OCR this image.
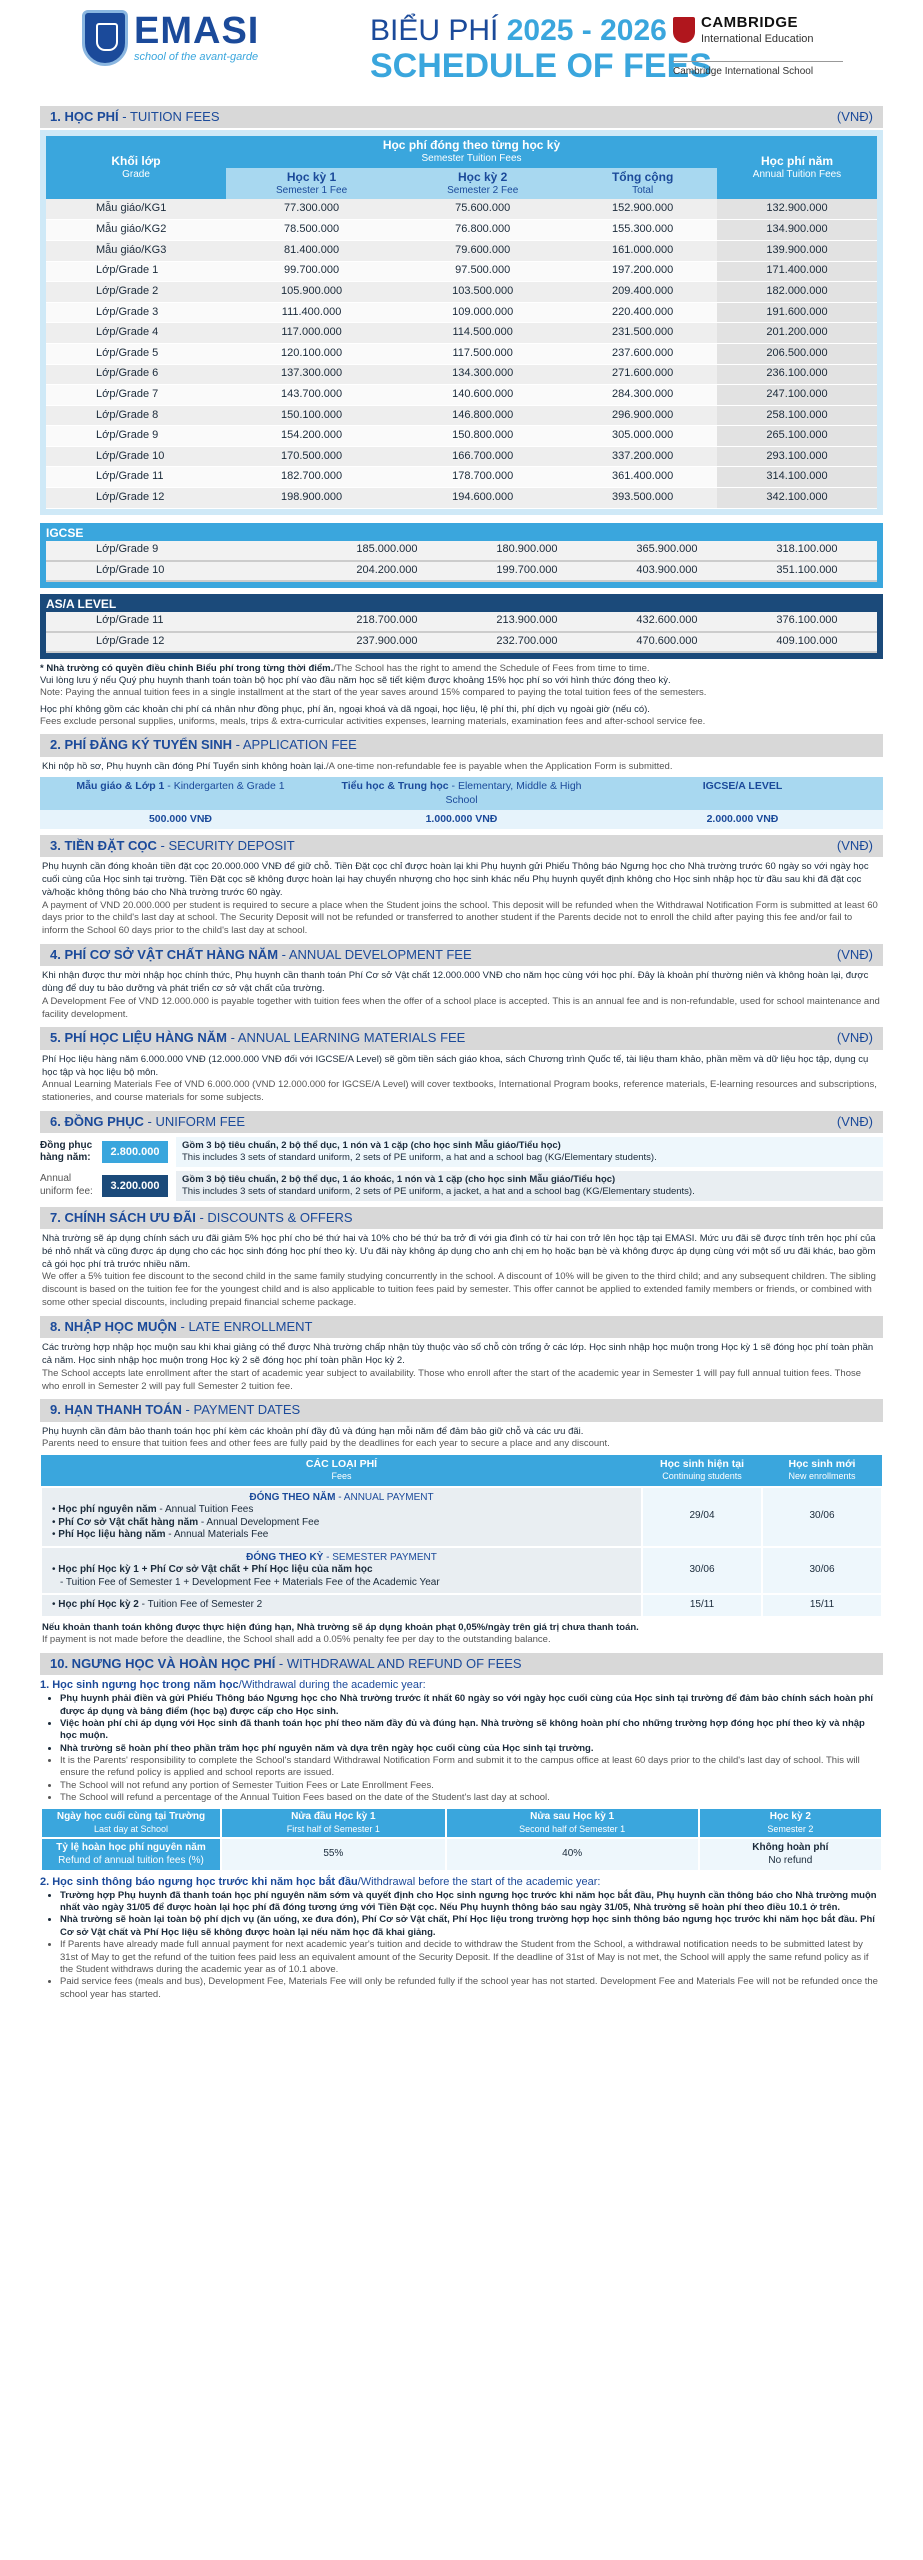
EMASI
school of the avant-garde
BIỂU PHÍ 2025 - 2026
SCHEDULE OF FEES
CAMBRIDGE
International Education
Cambridge International School
1. HỌC PHÍ - TUITION FEES	(VNĐ)
Khối lớp
Grade	Học phí đóng theo từng học kỳ
Semester Tuition Fees			Học phí năm
Annual Tuition Fees

	Học kỳ 1
Semester 1 Fee	Học kỳ 2
Semester 2 Fee	Tổng cộng
Total	

Mẫu giáo/KG1	77.300.000	75.600.000	152.900.000	132.900.000
Mẫu giáo/KG2	78.500.000	76.800.000	155.300.000	134.900.000
Mẫu giáo/KG3	81.400.000	79.600.000	161.000.000	139.900.000
Lớp/Grade 1	99.700.000	97.500.000	197.200.000	171.400.000
Lớp/Grade 2	105.900.000	103.500.000	209.400.000	182.000.000
Lớp/Grade 3	111.400.000	109.000.000	220.400.000	191.600.000
Lớp/Grade 4	117.000.000	114.500.000	231.500.000	201.200.000
Lớp/Grade 5	120.100.000	117.500.000	237.600.000	206.500.000
Lớp/Grade 6	137.300.000	134.300.000	271.600.000	236.100.000
Lớp/Grade 7	143.700.000	140.600.000	284.300.000	247.100.000
Lớp/Grade 8	150.100.000	146.800.000	296.900.000	258.100.000
Lớp/Grade 9	154.200.000	150.800.000	305.000.000	265.100.000
Lớp/Grade 10	170.500.000	166.700.000	337.200.000	293.100.000
Lớp/Grade 11	182.700.000	178.700.000	361.400.000	314.100.000
Lớp/Grade 12	198.900.000	194.600.000	393.500.000	342.100.000
IGCSE
Lớp/Grade 9	185.000.000	180.900.000	365.900.000	318.100.000
Lớp/Grade 10	204.200.000	199.700.000	403.900.000	351.100.000
AS/A LEVEL
Lớp/Grade 11	218.700.000	213.900.000	432.600.000	376.100.000
Lớp/Grade 12	237.900.000	232.700.000	470.600.000	409.100.000
* Nhà trường có quyền điều chỉnh Biểu phí trong từng thời điểm./The School has the right to amend the Schedule of Fees from time to time.
Vui lòng lưu ý nếu Quý phụ huynh thanh toán toàn bộ học phí vào đầu năm học sẽ tiết kiệm được khoảng 15% học phí so với hình thức đóng theo kỳ.
Note: Paying the annual tuition fees in a single installment at the start of the year saves around 15% compared to paying the total tuition fees of the semesters.
Học phí không gồm các khoản chi phí cá nhân như đồng phục, phí ăn, ngoại khoá và dã ngoại, học liệu, lệ phí thi, phí dịch vụ ngoài giờ (nếu có).
Fees exclude personal supplies, uniforms, meals, trips & extra-curricular activities expenses, learning materials, examination fees and after-school service fee.
2. PHÍ ĐĂNG KÝ TUYỂN SINH - APPLICATION FEE
Khi nộp hồ sơ, Phụ huynh cần đóng Phí Tuyển sinh không hoàn lại./A one-time non-refundable fee is payable when the Application Form is submitted.
Mẫu giáo & Lớp 1 - Kindergarten & Grade 1	Tiểu học & Trung học - Elementary, Middle & High School
IGCSE/A LEVEL
500.000 VNĐ	1.000.000 VNĐ	2.000.000 VNĐ
3. TIỀN ĐẶT CỌC - SECURITY DEPOSIT	(VNĐ)
Phụ huynh cần đóng khoản tiền đặt cọc 20.000.000 VNĐ để giữ chỗ. Tiền Đặt cọc chỉ được hoàn lại khi Phụ huynh gửi Phiếu Thông báo Ngưng học cho Nhà trường trước 60 ngày so với ngày học cuối cùng của Học sinh tại trường. Tiền Đặt cọc sẽ không được hoàn lại hay chuyển nhượng cho học sinh khác nếu Phụ huynh quyết định không cho Học sinh nhập học từ đầu sau khi đã đặt cọc và/hoặc không thông báo cho Nhà trường trước 60 ngày.
A payment of VND 20.000.000 per student is required to secure a place when the Student joins the school. This deposit will be refunded when the Withdrawal Notification Form is submitted at least 60 days prior to the child's last day at school. The Security Deposit will not be refunded or transferred to another student if the Parents decide not to enroll the child after paying this fee and/or fail to inform the School 60 days prior to the child's last day at school.
4. PHÍ CƠ SỞ VẬT CHẤT HÀNG NĂM - ANNUAL DEVELOPMENT FEE	(VNĐ)
Khi nhận được thư mời nhập học chính thức, Phụ huynh cần thanh toán Phí Cơ sở Vật chất 12.000.000 VNĐ cho năm học cùng với học phí. Đây là khoản phí thường niên và không hoàn lại, được dùng để duy tu bảo dưỡng và phát triển cơ sở vật chất của trường.
A Development Fee of VND 12.000.000 is payable together with tuition fees when the offer of a school place is accepted. This is an annual fee and is non-refundable, used for school maintenance and facility development.
5. PHÍ HỌC LIỆU HÀNG NĂM - ANNUAL LEARNING MATERIALS FEE	(VNĐ)
Phí Học liệu hàng năm 6.000.000 VNĐ (12.000.000 VNĐ đối với IGCSE/A Level) sẽ gồm tiền sách giáo khoa, sách Chương trình Quốc tế, tài liệu tham khảo, phần mềm và dữ liệu học tập, dụng cụ học tập và học liệu bộ môn.
Annual Learning Materials Fee of VND 6.000.000 (VND 12.000.000 for IGCSE/A Level) will cover textbooks, International Program books, reference materials, E-learning resources and subscriptions, stationeries, and course materials for some subjects.
6. ĐỒNG PHỤC - UNIFORM FEE	(VNĐ)
Đồng phục hàng năm:	2.800.000
Gồm 3 bộ tiêu chuẩn, 2 bộ thể dục, 1 nón và 1 cặp (cho học sinh Mẫu giáo/Tiểu học)
This includes 3 sets of standard uniform, 2 sets of PE uniform, a hat and a school bag (KG/Elementary students).
Annual uniform fee:	3.200.000
Gồm 3 bộ tiêu chuẩn, 2 bộ thể dục, 1 áo khoác, 1 nón và 1 cặp (cho học sinh Mẫu giáo/Tiểu học)
This includes 3 sets of standard uniform, 2 sets of PE uniform, a jacket, a hat and a school bag (KG/Elementary students).
7. CHÍNH SÁCH ƯU ĐÃI - DISCOUNTS & OFFERS
Nhà trường sẽ áp dụng chính sách ưu đãi giảm 5% học phí cho bé thứ hai và 10% cho bé thứ ba trở đi với gia đình có từ hai con trở lên học tập tại EMASI. Mức ưu đãi sẽ được tính trên học phí của bé nhỏ nhất và cũng được áp dụng cho các học sinh đóng học phí theo kỳ. Ưu đãi này không áp dụng cho anh chị em họ hoặc bạn bè và không được áp dụng cùng với một số ưu đãi khác, bao gồm cả gói học phí trả trước nhiều năm.
We offer a 5% tuition fee discount to the second child in the same family studying concurrently in the school. A discount of 10% will be given to the third child; and any subsequent children. The sibling discount is based on the tuition fee for the youngest child and is also applicable to tuition fees paid by semester. This offer cannot be applied to extended family members or friends, or combined with some other special discounts, including prepaid financial scheme package.
8. NHẬP HỌC MUỘN - LATE ENROLLMENT
Các trường hợp nhập học muộn sau khi khai giảng có thể được Nhà trường chấp nhận tùy thuộc vào số chỗ còn trống ở các lớp. Học sinh nhập học muộn trong Học kỳ 1 sẽ đóng học phí toàn phần cả năm. Học sinh nhập học muộn trong Học kỳ 2 sẽ đóng học phí toàn phần Học kỳ 2.
The School accepts late enrollment after the start of academic year subject to availability. Those who enroll after the start of the academic year in Semester 1 will pay full annual tuition fees. Those who enroll in Semester 2 will pay full Semester 2 tuition fee.
9. HẠN THANH TOÁN - PAYMENT DATES
Phụ huynh cần đảm bảo thanh toán học phí kèm các khoản phí đầy đủ và đúng hạn mỗi năm để đảm bảo giữ chỗ và các ưu đãi.
Parents need to ensure that tuition fees and other fees are fully paid by the deadlines for each year to secure a place and any discount.
CÁC LOẠI PHÍ
Fees	Học sinh hiện tại
Continuing students	Học sinh mới
New enrollments

ĐÓNG THEO NĂM - ANNUAL PAYMENT
• Học phí nguyên năm - Annual Tuition Fees
• Phí Cơ sở Vật chất hàng năm - Annual Development Fee
• Phí Học liệu hàng năm - Annual Materials Fee	29/04	30/06

ĐÓNG THEO KỲ - SEMESTER PAYMENT
• Học phí Học kỳ 1 + Phí Cơ sở Vật chất + Phí Học liệu của năm học
- Tuition Fee of Semester 1 + Development Fee + Materials Fee of the Academic Year	30/06	30/06
• Học phí Học kỳ 2 - Tuition Fee of Semester 2	15/11	15/11
Nếu khoản thanh toán không được thực hiện đúng hạn, Nhà trường sẽ áp dụng khoản phạt 0,05%/ngày trên giá trị chưa thanh toán.
If payment is not made before the deadline, the School shall add a 0.05% penalty fee per day to the outstanding balance.
10. NGƯNG HỌC VÀ HOÀN HỌC PHÍ - WITHDRAWAL AND REFUND OF FEES
1. Học sinh ngưng học trong năm học/Withdrawal during the academic year:
• Phụ huynh phải điền và gửi Phiếu Thông báo Ngưng học cho Nhà trường trước ít nhất 60 ngày so với ngày học cuối cùng của Học sinh tại trường để đảm bảo chính sách hoàn phí được áp dụng và bảng điểm (học bạ) được cấp cho Học sinh.
• Việc hoàn phí chỉ áp dụng với Học sinh đã thanh toán học phí theo năm đầy đủ và đúng hạn. Nhà trường sẽ không hoàn phí cho những trường hợp đóng học phí theo kỳ và nhập học muộn.
• Nhà trường sẽ hoàn phí theo phần trăm học phí nguyên năm và dựa trên ngày học cuối cùng của Học sinh tại trường.
• It is the Parents' responsibility to complete the School's standard Withdrawal Notification Form and submit it to the campus office at least 60 days prior to the child's last day of school. This will ensure the refund policy is applied and school reports are issued.
• The School will not refund any portion of Semester Tuition Fees or Late Enrollment Fees.
• The School will refund a percentage of the Annual Tuition Fees based on the date of the Student's last day at school.
Ngày học cuối cùng tại Trường
Last day at School	Nửa đầu Học kỳ 1
First half of Semester 1	Nửa sau Học kỳ 1
Second half of Semester 1	Học kỳ 2
Semester 2

Tỷ lệ hoàn học phí nguyên năm
Refund of annual tuition fees (%)	55%	40%	Không hoàn phí
No refund
2. Học sinh thông báo ngưng học trước khi năm học bắt đầu/Withdrawal before the start of the academic year:
• Trường hợp Phụ huynh đã thanh toán học phí nguyên năm sớm và quyết định cho Học sinh ngưng học trước khi năm học bắt đầu, Phụ huynh cần thông báo cho Nhà trường muộn nhất vào ngày 31/05 để được hoàn lại học phí đã đóng tương ứng với Tiền Đặt cọc. Nếu Phụ huynh thông báo sau ngày 31/05, Nhà trường sẽ hoàn phí theo điều 10.1 ở trên.
• Nhà trường sẽ hoàn lại toàn bộ phí dịch vụ (ăn uống, xe đưa đón), Phí Cơ sở Vật chất, Phí Học liệu trong trường hợp học sinh thông báo ngưng học trước khi năm học bắt đầu. Phí Cơ sở Vật chất và Phí Học liệu sẽ không được hoàn lại nếu năm học đã khai giảng.
• If Parents have already made full annual payment for next academic year's tuition and decide to withdraw the Student from the School, a withdrawal notification needs to be submitted latest by 31st of May to get the refund of the tuition fees paid less an equivalent amount of the Security Deposit. If the deadline of 31st of May is not met, the School will apply the same refund policy as if the Student withdraws during the academic year as of 10.1 above.
• Paid service fees (meals and bus), Development Fee, Materials Fee will only be refunded fully if the school year has not started. Development Fee and Materials Fee will not be refunded once the school year has started.
